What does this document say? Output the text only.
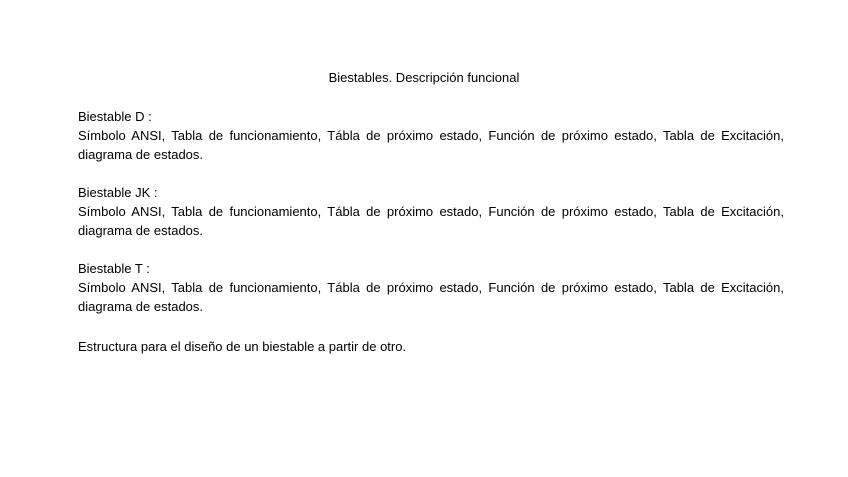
Biestables. Descripción funcional
Biestable D :
Símbolo ANSI, Tabla de funcionamiento, Tábla de próximo estado, Función de próximo estado, Tabla de Excitación, diagrama de estados.
Biestable JK :
Símbolo ANSI, Tabla de funcionamiento, Tábla de próximo estado, Función de próximo estado, Tabla de Excitación, diagrama de estados.
Biestable T :
Símbolo ANSI, Tabla de funcionamiento, Tábla de próximo estado, Función de próximo estado, Tabla de Excitación, diagrama de estados.
Estructura para el diseño de un biestable a partir de otro.
